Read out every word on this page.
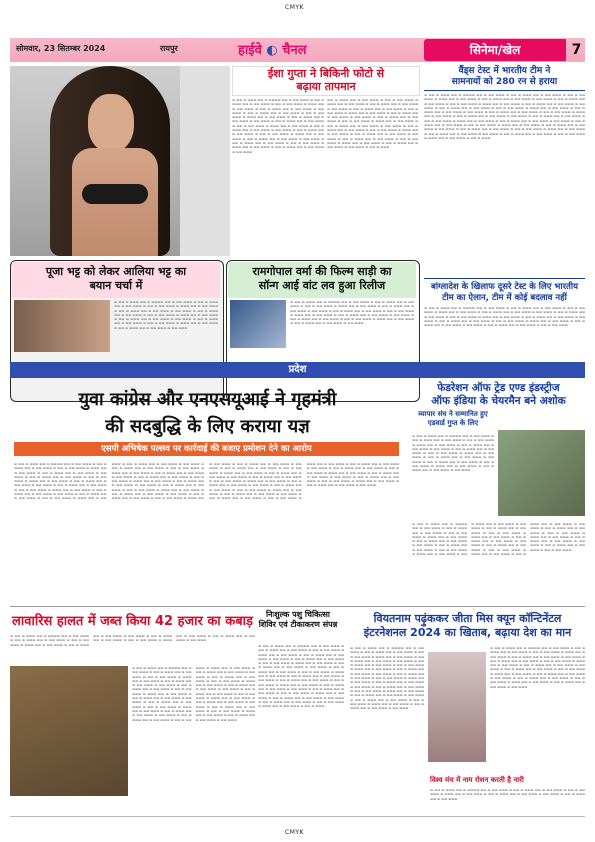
CMYK
CMYK
सोमवार, 23 सितम्बर 2024	रायपुर	हाईवे ◐ चैनल	सिनेमा/खेल	7
ईशा गुप्ता ने बिकिनी फोटो से
बढ़ाया तापमान

▬ ▬▬ ▬ ▬▬▬ ▬▬ ▬ ▬▬▬▬ ▬▬ ▬ ▬▬ ▬▬▬ ▬ ▬▬ ▬ ▬▬▬ ▬▬ ▬ ▬▬ ▬▬▬ ▬ ▬▬ ▬ ▬▬ ▬▬▬ ▬ ▬▬▬ ▬▬ ▬ ▬▬ ▬▬▬ ▬ ▬▬ ▬ ▬▬▬ ▬▬ ▬ ▬▬ ▬▬▬ ▬ ▬▬ ▬▬▬ ▬ ▬▬ ▬ ▬▬▬ ▬▬ ▬ ▬▬ ▬▬▬ ▬ ▬▬ ▬ ▬▬ ▬▬▬ ▬ ▬▬▬ ▬▬ ▬ ▬▬ ▬▬▬ ▬ ▬▬ ▬ ▬▬▬ ▬▬ ▬ ▬▬ ▬▬▬ ▬ ▬▬ ▬▬▬ ▬ ▬▬ ▬ ▬▬▬ ▬▬ ▬ ▬▬ ▬▬▬ ▬ ▬▬ ▬ ▬▬ ▬▬▬ ▬ ▬▬▬ ▬▬ ▬ ▬▬ ▬▬▬ ▬ ▬▬ ▬ ▬▬▬ ▬▬ ▬ ▬▬ ▬▬▬ ▬ ▬▬ ▬▬▬ ▬ ▬▬ ▬ ▬▬▬ ▬▬ ▬ ▬▬ ▬▬▬ ▬ ▬▬ ▬ ▬▬ ▬▬▬ ▬ ▬▬▬ ▬▬ ▬ ▬▬ ▬▬▬ ▬ ▬▬ ▬ ▬▬▬ ▬▬ ▬ ▬▬ ▬▬▬ ▬ ▬▬ ▬▬▬ ▬ ▬▬ ▬ ▬▬▬ ▬▬ ▬ ▬▬ ▬▬▬ ▬ ▬▬ ▬ ▬▬ ▬▬▬ ▬ ▬▬▬ ▬▬ ▬ ▬▬ ▬▬▬ ▬ ▬▬ ▬ ▬▬▬ ▬▬ ▬ ▬▬ ▬▬▬ ▬ ▬▬ ▬▬▬

▬▬ ▬ ▬▬▬ ▬▬ ▬ ▬▬ ▬▬▬ ▬ ▬▬ ▬ ▬▬ ▬▬▬ ▬ ▬▬▬ ▬▬ ▬ ▬▬ ▬▬▬ ▬ ▬▬ ▬ ▬▬▬ ▬▬ ▬ ▬▬ ▬▬▬ ▬ ▬▬ ▬▬▬ ▬ ▬▬ ▬ ▬▬▬ ▬▬ ▬ ▬▬ ▬▬▬ ▬ ▬▬ ▬ ▬▬ ▬▬▬ ▬ ▬▬▬ ▬▬ ▬ ▬▬ ▬▬▬ ▬ ▬▬ ▬ ▬▬▬ ▬▬ ▬ ▬▬ ▬▬▬ ▬ ▬▬ ▬▬▬ ▬ ▬▬ ▬ ▬▬▬ ▬▬ ▬ ▬▬ ▬▬▬ ▬ ▬▬ ▬ ▬▬ ▬▬▬ ▬ ▬▬▬ ▬▬ ▬ ▬▬ ▬▬▬ ▬ ▬▬ ▬ ▬▬▬ ▬▬ ▬ ▬▬ ▬▬▬ ▬ ▬▬ ▬▬▬ ▬ ▬▬ ▬ ▬▬▬ ▬▬ ▬ ▬▬ ▬▬▬ ▬ ▬▬ ▬ ▬▬ ▬▬▬ ▬ ▬▬▬ ▬▬ ▬ ▬▬ ▬▬▬ ▬ ▬▬ ▬ ▬▬▬ ▬▬ ▬ ▬▬ ▬▬▬ ▬ ▬▬ ▬▬▬ ▬ ▬▬ ▬ ▬▬▬ ▬▬ ▬ ▬▬ ▬▬▬ ▬ ▬▬ ▬ ▬▬ ▬▬▬ ▬ ▬▬▬ ▬▬ ▬ ▬▬ ▬▬▬ ▬ ▬▬ ▬ ▬▬▬ ▬▬ ▬ ▬▬ ▬▬▬ ▬ ▬▬ ▬▬▬ ▬ ▬▬ ▬ ▬▬▬

वैंड्स टेस्ट में भारतीय टीम ने
सामनायों को 280 रन से हराया

▬ ▬▬ ▬ ▬▬▬ ▬▬ ▬ ▬▬▬▬ ▬▬ ▬ ▬▬ ▬▬▬ ▬ ▬▬ ▬ ▬▬▬ ▬▬ ▬ ▬▬ ▬▬▬ ▬ ▬▬ ▬ ▬▬ ▬▬▬ ▬ ▬▬▬ ▬▬ ▬ ▬▬ ▬▬▬ ▬ ▬▬ ▬ ▬▬▬ ▬▬ ▬ ▬▬ ▬▬▬ ▬ ▬▬ ▬▬▬ ▬ ▬▬ ▬ ▬▬▬ ▬▬ ▬ ▬▬ ▬▬▬ ▬ ▬▬ ▬ ▬▬ ▬▬▬ ▬ ▬▬▬ ▬▬ ▬ ▬▬ ▬▬▬ ▬ ▬▬ ▬ ▬▬▬ ▬▬ ▬ ▬▬ ▬▬▬ ▬ ▬▬ ▬▬▬ ▬ ▬▬ ▬ ▬▬▬ ▬▬ ▬ ▬▬ ▬▬▬ ▬ ▬▬ ▬ ▬▬ ▬▬▬ ▬ ▬▬▬ ▬▬ ▬ ▬▬ ▬▬▬ ▬ ▬▬ ▬ ▬▬▬ ▬▬ ▬ ▬▬ ▬▬▬ ▬ ▬▬ ▬▬▬ ▬ ▬▬ ▬ ▬▬▬ ▬▬ ▬ ▬▬ ▬▬▬ ▬ ▬▬ ▬ ▬▬ ▬▬▬ ▬ ▬▬▬ ▬▬ ▬ ▬▬ ▬▬▬ ▬ ▬▬ ▬ ▬▬▬ ▬▬ ▬ ▬▬ ▬▬▬ ▬ ▬▬ ▬▬▬ ▬ ▬▬ ▬ ▬▬▬ ▬▬ ▬ ▬▬ ▬▬▬ ▬ ▬▬ ▬ ▬▬ ▬▬▬ ▬ ▬▬▬ ▬▬ ▬ ▬▬ ▬▬▬ ▬ ▬▬ ▬ ▬▬▬ ▬▬ ▬ ▬▬ ▬▬▬ ▬ ▬▬ ▬▬▬ ▬ ▬▬ ▬ ▬▬▬ ▬▬ ▬ ▬▬ ▬▬▬ ▬ ▬▬ ▬ ▬▬ ▬▬▬ ▬ ▬▬▬ ▬▬ ▬ ▬▬ ▬▬▬ ▬ ▬▬ ▬ ▬▬▬ ▬▬ ▬ ▬▬ ▬▬▬ ▬ ▬▬ ▬▬▬ ▬ ▬▬ ▬ ▬▬▬ ▬▬ ▬ ▬▬ ▬▬▬ ▬ ▬▬ ▬ ▬▬ ▬▬▬ ▬ ▬▬▬ ▬▬ ▬ ▬▬ ▬▬▬ ▬ ▬▬ ▬ ▬▬▬ ▬▬ ▬ ▬▬ ▬▬▬ ▬ ▬▬ ▬▬▬ ▬ ▬▬ ▬ ▬▬▬ ▬▬ ▬ ▬▬ ▬▬▬ ▬ ▬▬ ▬ ▬▬ ▬▬▬ ▬ ▬▬▬ ▬▬ ▬ ▬▬ ▬▬▬ ▬ ▬▬ ▬ ▬▬▬

बांग्लादेश के खिलाफ दूसरे टेस्ट के लिए भारतीय टीम का ऐलान, टीम में कोई बदलाव नहीं

▬ ▬▬ ▬ ▬▬▬ ▬▬ ▬ ▬▬▬▬ ▬▬ ▬ ▬▬ ▬▬▬ ▬ ▬▬ ▬ ▬▬▬ ▬▬ ▬ ▬▬ ▬▬▬ ▬ ▬▬ ▬ ▬▬ ▬▬▬ ▬ ▬▬▬ ▬▬ ▬ ▬▬ ▬▬▬ ▬ ▬▬ ▬ ▬▬▬ ▬▬ ▬ ▬▬ ▬▬▬ ▬ ▬▬ ▬▬▬ ▬ ▬▬ ▬ ▬▬▬ ▬▬ ▬ ▬▬ ▬▬▬ ▬ ▬▬ ▬ ▬▬ ▬▬▬ ▬ ▬▬▬ ▬▬ ▬ ▬▬ ▬▬▬ ▬ ▬▬ ▬ ▬▬▬ ▬▬ ▬ ▬▬ ▬▬▬ ▬ ▬▬ ▬▬▬ ▬ ▬▬ ▬ ▬▬▬ ▬▬ ▬ ▬▬ ▬▬▬ ▬ ▬▬ ▬ ▬▬ ▬▬▬ ▬ ▬▬▬ ▬▬ ▬ ▬▬ ▬▬▬ ▬ ▬▬ ▬ ▬▬▬ ▬▬ ▬ ▬▬ ▬▬▬ ▬ ▬▬ ▬▬▬ ▬ ▬▬ ▬ ▬▬▬ ▬▬ ▬ ▬▬ ▬▬▬ ▬ ▬▬ ▬ ▬▬ ▬▬▬

पूजा भट्ट को लेकर आलिया भट्ट का
बयान चर्चा में

▬ ▬▬ ▬ ▬▬▬ ▬▬ ▬ ▬▬▬▬ ▬▬ ▬ ▬▬ ▬▬▬ ▬ ▬▬ ▬ ▬▬▬ ▬▬ ▬ ▬▬ ▬▬▬ ▬ ▬▬ ▬ ▬▬ ▬▬▬ ▬ ▬▬▬ ▬▬ ▬ ▬▬ ▬▬▬ ▬ ▬▬ ▬ ▬▬▬ ▬▬ ▬ ▬▬ ▬▬▬ ▬ ▬▬ ▬▬▬ ▬ ▬▬ ▬ ▬▬▬ ▬▬ ▬ ▬▬ ▬▬▬ ▬ ▬▬ ▬ ▬▬ ▬▬▬ ▬ ▬▬▬ ▬▬ ▬ ▬▬ ▬▬▬ ▬ ▬▬ ▬ ▬▬▬ ▬▬ ▬ ▬▬ ▬▬▬ ▬ ▬▬ ▬▬▬ ▬ ▬▬ ▬ ▬▬▬ ▬▬ ▬ ▬▬ ▬▬▬ ▬ ▬▬ ▬ ▬▬ ▬▬▬ ▬ ▬▬▬ ▬▬ ▬ ▬▬ ▬▬▬ ▬ ▬▬ ▬ ▬▬▬ ▬▬ ▬ ▬▬ ▬▬▬ ▬ ▬▬ ▬▬▬

रामगोपाल वर्मा की फिल्म साड़ी का
सॉन्ग आई वांट लव हुआ रिलीज

▬ ▬▬ ▬ ▬▬▬ ▬▬ ▬ ▬▬▬▬ ▬▬ ▬ ▬▬ ▬▬▬ ▬ ▬▬ ▬ ▬▬▬ ▬▬ ▬ ▬▬ ▬▬▬ ▬ ▬▬ ▬ ▬▬ ▬▬▬ ▬ ▬▬▬ ▬▬ ▬ ▬▬ ▬▬▬ ▬ ▬▬ ▬ ▬▬▬ ▬▬ ▬ ▬▬ ▬▬▬ ▬ ▬▬ ▬▬▬ ▬ ▬▬ ▬ ▬▬▬ ▬▬ ▬ ▬▬ ▬▬▬ ▬ ▬▬ ▬ ▬▬ ▬▬▬ ▬ ▬▬▬ ▬▬ ▬ ▬▬ ▬▬▬ ▬ ▬▬ ▬ ▬▬▬ ▬▬ ▬ ▬▬ ▬▬▬ ▬ ▬▬ ▬▬▬ ▬ ▬▬ ▬ ▬▬▬ ▬▬ ▬ ▬▬ ▬▬▬ ▬ ▬▬ ▬ ▬▬ ▬▬▬ ▬ ▬▬▬ ▬▬ ▬ ▬▬ ▬▬▬ ▬ ▬▬ ▬ ▬▬▬ ▬▬ ▬ ▬▬ ▬▬▬ ▬ ▬▬ ▬▬▬

प्रदेश
युवा कांग्रेस और एनएसयूआई ने गृहमंत्री
की सदबुद्धि के लिए कराया यज्ञ
एसपी अभिषेक पल्लव पर कार्रवाई की बजाए प्रमोशन देने का आरोप

▬ ▬▬ ▬ ▬▬▬ ▬▬ ▬ ▬▬▬▬ ▬▬ ▬ ▬▬ ▬▬▬ ▬ ▬▬ ▬ ▬▬▬ ▬▬ ▬ ▬▬ ▬▬▬ ▬ ▬▬ ▬ ▬▬ ▬▬▬ ▬ ▬▬▬ ▬▬ ▬ ▬▬ ▬▬▬ ▬ ▬▬ ▬ ▬▬▬ ▬▬ ▬ ▬▬ ▬▬▬ ▬ ▬▬ ▬▬▬ ▬ ▬▬ ▬ ▬▬▬ ▬▬ ▬ ▬▬ ▬▬▬ ▬ ▬▬ ▬ ▬▬ ▬▬▬ ▬ ▬▬▬ ▬▬ ▬ ▬▬ ▬▬▬ ▬ ▬▬ ▬ ▬▬▬ ▬▬ ▬ ▬▬ ▬▬▬ ▬ ▬▬ ▬▬▬ ▬ ▬▬ ▬ ▬▬▬ ▬▬ ▬ ▬▬ ▬▬▬ ▬ ▬▬ ▬ ▬▬ ▬▬▬ ▬ ▬▬▬ ▬▬ ▬ ▬▬ ▬▬▬ ▬ ▬▬ ▬ ▬▬▬ ▬▬ ▬ ▬▬ ▬▬▬ ▬ ▬▬ ▬▬▬ ▬ ▬▬ ▬ ▬▬▬ ▬▬ ▬ ▬▬ ▬▬▬ ▬ ▬▬ ▬ ▬▬ ▬▬▬ ▬ ▬▬▬ ▬▬ ▬ ▬▬ ▬▬▬ ▬ ▬▬ ▬ ▬▬▬ ▬▬ ▬ ▬▬ ▬▬▬ ▬ ▬▬ ▬▬▬ ▬ ▬▬ ▬ ▬▬▬ ▬▬ ▬ ▬▬ ▬▬▬ ▬ ▬▬ ▬ ▬▬ ▬▬▬ ▬ ▬▬▬ ▬▬ ▬ ▬▬ ▬▬▬ ▬ ▬▬ ▬ ▬▬▬ ▬▬ ▬ ▬▬ ▬▬▬ ▬ ▬▬ ▬▬▬ ▬ ▬▬ ▬ ▬▬▬ ▬▬ ▬ ▬▬ ▬▬▬ ▬ ▬▬ ▬ ▬▬ ▬▬▬ ▬ ▬▬▬ ▬▬ ▬ ▬▬ ▬▬▬ ▬ ▬▬ ▬ ▬▬▬ ▬▬ ▬ ▬▬ ▬▬▬ ▬ ▬▬ ▬▬▬ ▬ ▬▬ ▬ ▬▬▬ ▬▬ ▬ ▬▬ ▬▬▬ ▬ ▬▬ ▬ ▬▬ ▬▬▬ ▬ ▬▬▬ ▬▬ ▬ ▬▬ ▬▬▬ ▬ ▬▬ ▬ ▬▬▬ ▬▬ ▬ ▬▬ ▬▬▬ ▬ ▬▬ ▬▬▬ ▬ ▬▬ ▬ ▬▬▬ ▬▬ ▬ ▬▬ ▬▬▬ ▬ ▬▬ ▬ ▬▬ ▬▬▬ ▬ ▬▬▬ ▬▬ ▬ ▬▬ ▬▬▬ ▬ ▬▬ ▬ ▬▬▬ ▬▬ ▬ ▬▬ ▬▬▬ ▬ ▬▬ ▬▬▬ ▬ ▬▬ ▬ ▬▬▬ ▬▬ ▬ ▬▬ ▬▬▬ ▬ ▬▬ ▬ ▬▬ ▬▬▬ ▬ ▬▬▬ ▬▬ ▬ ▬▬ ▬▬▬ ▬ ▬▬ ▬ ▬▬▬ ▬▬ ▬ ▬▬ ▬▬▬ ▬ ▬▬ ▬▬▬ ▬ ▬▬ ▬ ▬▬▬ ▬▬ ▬ ▬▬ ▬▬▬ ▬ ▬▬ ▬ ▬▬ ▬▬▬ ▬ ▬▬▬ ▬▬ ▬ ▬▬ ▬▬▬ ▬ ▬▬ ▬ ▬▬▬ ▬▬ ▬ ▬▬ ▬▬▬ ▬ ▬▬ ▬▬▬ ▬ ▬▬ ▬ ▬▬▬ ▬▬ ▬ ▬▬ ▬▬▬ ▬ ▬▬ ▬ ▬▬ ▬▬▬ ▬ ▬▬▬ ▬▬ ▬ ▬▬ ▬▬▬ ▬ ▬▬ ▬ ▬▬▬ ▬▬ ▬ ▬▬ ▬▬▬ ▬ ▬▬ ▬▬▬ ▬ ▬▬ ▬ ▬▬▬ ▬▬ ▬ ▬▬ ▬▬▬ ▬ ▬▬ ▬ ▬▬ ▬▬▬ ▬ ▬▬▬ ▬▬ ▬ ▬▬ ▬▬▬ ▬ ▬▬ ▬ ▬▬▬ ▬▬ ▬ ▬▬ ▬▬▬ ▬ ▬▬ ▬▬▬ ▬ ▬▬ ▬ ▬▬▬ ▬▬ ▬ ▬▬ ▬▬▬ ▬ ▬▬ ▬ ▬▬ ▬▬▬ ▬ ▬▬▬ ▬▬ ▬ ▬▬ ▬▬▬ ▬ ▬▬ ▬ ▬▬▬ ▬▬ ▬ ▬▬ ▬▬▬ ▬ ▬▬ ▬▬▬ ▬ ▬▬ ▬ ▬▬▬ ▬▬ ▬ ▬▬ ▬▬▬ ▬ ▬▬ ▬ ▬▬ ▬▬▬ ▬ ▬▬▬ ▬▬ ▬ ▬▬ ▬▬▬ ▬ ▬▬ ▬ ▬▬▬ ▬▬ ▬ ▬▬ ▬▬▬ ▬ ▬▬ ▬▬▬

फेडरेशन ऑफ ट्रेड एण्ड इंडस्ट्रीज
ऑफ इंडिया के चेयरमैन बने अशोक
व्यापार संघ ने सम्मानित हुए एडवार्ड गुप्त के लिए

▬ ▬▬ ▬ ▬▬▬ ▬▬ ▬ ▬▬▬▬ ▬▬ ▬ ▬▬ ▬▬▬ ▬ ▬▬ ▬ ▬▬▬ ▬▬ ▬ ▬▬ ▬▬▬ ▬ ▬▬ ▬ ▬▬ ▬▬▬ ▬ ▬▬▬ ▬▬ ▬ ▬▬ ▬▬▬ ▬ ▬▬ ▬ ▬▬▬ ▬▬ ▬ ▬▬ ▬▬▬ ▬ ▬▬ ▬▬▬ ▬ ▬▬ ▬ ▬▬▬ ▬▬ ▬ ▬▬ ▬▬▬ ▬ ▬▬ ▬ ▬▬ ▬▬▬ ▬ ▬▬▬ ▬▬ ▬ ▬▬ ▬▬▬ ▬ ▬▬ ▬ ▬▬▬ ▬▬ ▬ ▬▬ ▬▬▬ ▬ ▬▬ ▬▬▬ ▬ ▬▬ ▬ ▬▬▬ ▬▬ ▬ ▬▬ ▬▬▬ ▬ ▬▬ ▬ ▬▬ ▬▬▬ ▬ ▬▬▬ ▬▬ ▬ ▬▬ ▬▬▬ ▬ ▬▬ ▬ ▬▬▬ ▬▬ ▬ ▬▬ ▬▬▬ ▬ ▬▬ ▬▬▬

▬ ▬▬ ▬ ▬▬▬ ▬▬ ▬ ▬▬▬▬ ▬▬ ▬ ▬▬ ▬▬▬ ▬ ▬▬ ▬ ▬▬▬ ▬▬ ▬ ▬▬ ▬▬▬ ▬ ▬▬ ▬ ▬▬ ▬▬▬ ▬ ▬▬▬ ▬▬ ▬ ▬▬ ▬▬▬ ▬ ▬▬ ▬ ▬▬▬ ▬▬ ▬ ▬▬ ▬▬▬ ▬ ▬▬ ▬▬▬ ▬ ▬▬ ▬ ▬▬▬ ▬▬ ▬ ▬▬ ▬▬▬ ▬ ▬▬ ▬ ▬▬ ▬▬▬ ▬ ▬▬▬ ▬▬ ▬ ▬▬ ▬▬▬ ▬ ▬▬ ▬ ▬▬▬ ▬▬ ▬ ▬▬ ▬▬▬ ▬ ▬▬ ▬▬▬ ▬ ▬▬ ▬ ▬▬▬ ▬▬ ▬ ▬▬ ▬▬▬ ▬ ▬▬ ▬ ▬▬ ▬▬▬ ▬ ▬▬▬ ▬▬ ▬ ▬▬ ▬▬▬ ▬ ▬▬ ▬ ▬▬▬ ▬▬ ▬ ▬▬ ▬▬▬ ▬ ▬▬ ▬▬▬ ▬ ▬▬ ▬ ▬▬▬ ▬▬ ▬ ▬▬ ▬▬▬ ▬ ▬▬ ▬ ▬▬ ▬▬▬ ▬ ▬▬▬ ▬▬ ▬ ▬▬ ▬▬▬ ▬ ▬▬ ▬ ▬▬▬ ▬▬ ▬ ▬▬ ▬▬▬ ▬ ▬▬ ▬▬▬ ▬ ▬▬ ▬ ▬▬▬ ▬▬ ▬ ▬▬ ▬▬▬ ▬ ▬▬ ▬ ▬▬ ▬▬▬ ▬ ▬▬▬ ▬▬ ▬ ▬▬ ▬▬▬ ▬ ▬▬ ▬ ▬▬▬ ▬▬ ▬ ▬▬ ▬▬▬ ▬ ▬▬ ▬▬▬ ▬ ▬▬ ▬ ▬▬▬ ▬▬ ▬ ▬▬ ▬▬▬ ▬ ▬▬ ▬ ▬▬ ▬▬▬

लावारिस हालत में जब्त किया 42 हजार का कबाड़

▬ ▬▬ ▬ ▬▬▬ ▬▬ ▬ ▬▬▬▬ ▬▬ ▬ ▬▬ ▬▬▬ ▬ ▬▬ ▬ ▬▬▬ ▬▬ ▬ ▬▬ ▬▬▬ ▬ ▬▬ ▬ ▬▬ ▬▬▬ ▬ ▬▬▬ ▬▬ ▬ ▬▬ ▬▬▬ ▬ ▬▬ ▬ ▬▬▬ ▬▬ ▬ ▬▬ ▬▬▬ ▬ ▬▬ ▬▬▬ ▬ ▬▬ ▬ ▬▬▬ ▬▬ ▬ ▬▬ ▬▬▬ ▬ ▬▬ ▬ ▬▬ ▬▬▬ ▬ ▬▬▬ ▬▬ ▬ ▬▬ ▬▬▬ ▬ ▬▬ ▬ ▬▬▬ ▬▬ ▬ ▬▬ ▬▬▬ ▬ ▬▬ ▬▬▬

▬ ▬▬ ▬ ▬▬▬ ▬▬ ▬ ▬▬▬▬ ▬▬ ▬ ▬▬ ▬▬▬ ▬ ▬▬ ▬ ▬▬▬ ▬▬ ▬ ▬▬ ▬▬▬ ▬ ▬▬ ▬ ▬▬ ▬▬▬ ▬ ▬▬▬ ▬▬ ▬ ▬▬ ▬▬▬ ▬ ▬▬ ▬ ▬▬▬ ▬▬ ▬ ▬▬ ▬▬▬ ▬ ▬▬ ▬▬▬ ▬ ▬▬ ▬ ▬▬▬ ▬▬ ▬ ▬▬ ▬▬▬ ▬ ▬▬ ▬ ▬▬ ▬▬▬ ▬ ▬▬▬ ▬▬ ▬ ▬▬ ▬▬▬ ▬ ▬▬ ▬ ▬▬▬ ▬▬ ▬ ▬▬ ▬▬▬ ▬ ▬▬ ▬▬▬ ▬ ▬▬ ▬ ▬▬▬ ▬▬ ▬ ▬▬ ▬▬▬ ▬ ▬▬ ▬ ▬▬ ▬▬▬ ▬ ▬▬▬ ▬▬ ▬ ▬▬ ▬▬▬ ▬ ▬▬ ▬ ▬▬▬ ▬▬ ▬ ▬▬ ▬▬▬ ▬ ▬▬ ▬▬▬ ▬ ▬▬ ▬ ▬▬▬ ▬▬ ▬ ▬▬ ▬▬▬ ▬ ▬▬ ▬ ▬▬ ▬▬▬ ▬ ▬▬▬ ▬▬ ▬ ▬▬ ▬▬▬ ▬ ▬▬ ▬ ▬▬▬ ▬▬ ▬ ▬▬ ▬▬▬ ▬ ▬▬ ▬▬▬ ▬ ▬▬ ▬ ▬▬▬ ▬▬ ▬ ▬▬ ▬▬▬ ▬ ▬▬ ▬ ▬▬ ▬▬▬ ▬ ▬▬▬ ▬▬ ▬ ▬▬ ▬▬▬ ▬ ▬▬ ▬ ▬▬▬ ▬▬ ▬ ▬▬ ▬▬▬ ▬ ▬▬ ▬▬▬ ▬ ▬▬ ▬ ▬▬▬ ▬▬ ▬ ▬▬ ▬▬▬ ▬ ▬▬ ▬ ▬▬ ▬▬▬ ▬ ▬▬▬ ▬▬ ▬ ▬▬ ▬▬▬ ▬ ▬▬ ▬ ▬▬▬ ▬▬ ▬ ▬▬ ▬▬▬ ▬ ▬▬ ▬▬▬ ▬ ▬▬ ▬ ▬▬▬ ▬▬ ▬ ▬▬ ▬▬▬ ▬ ▬▬ ▬ ▬▬ ▬▬▬ ▬ ▬▬▬ ▬▬ ▬ ▬▬ ▬▬▬ ▬ ▬▬ ▬ ▬▬▬ ▬▬ ▬ ▬▬ ▬▬▬ ▬ ▬▬ ▬▬▬

निःशुल्क पशु चिकित्सा शिविर एवं टीकाकरण संपन्न

▬ ▬▬ ▬ ▬▬▬ ▬▬ ▬ ▬▬▬▬ ▬▬ ▬ ▬▬ ▬▬▬ ▬ ▬▬ ▬ ▬▬▬ ▬▬ ▬ ▬▬ ▬▬▬ ▬ ▬▬ ▬ ▬▬ ▬▬▬ ▬ ▬▬▬ ▬▬ ▬ ▬▬ ▬▬▬ ▬ ▬▬ ▬ ▬▬▬ ▬▬ ▬ ▬▬ ▬▬▬ ▬ ▬▬ ▬▬▬ ▬ ▬▬ ▬ ▬▬▬ ▬▬ ▬ ▬▬ ▬▬▬ ▬ ▬▬ ▬ ▬▬ ▬▬▬ ▬ ▬▬▬ ▬▬ ▬ ▬▬ ▬▬▬ ▬ ▬▬ ▬ ▬▬▬ ▬▬ ▬ ▬▬ ▬▬▬ ▬ ▬▬ ▬▬▬ ▬ ▬▬ ▬ ▬▬▬ ▬▬ ▬ ▬▬ ▬▬▬ ▬ ▬▬ ▬ ▬▬ ▬▬▬ ▬ ▬▬▬ ▬▬ ▬ ▬▬ ▬▬▬ ▬ ▬▬ ▬ ▬▬▬ ▬▬ ▬ ▬▬ ▬▬▬ ▬ ▬▬ ▬▬▬ ▬ ▬▬ ▬ ▬▬▬ ▬▬ ▬ ▬▬ ▬▬▬ ▬ ▬▬ ▬ ▬▬ ▬▬▬ ▬ ▬▬▬ ▬▬ ▬ ▬▬ ▬▬▬ ▬ ▬▬ ▬ ▬▬▬ ▬▬ ▬ ▬▬ ▬▬▬ ▬ ▬▬ ▬▬▬ ▬ ▬▬ ▬ ▬▬▬ ▬▬ ▬ ▬▬ ▬▬▬ ▬ ▬▬ ▬ ▬▬ ▬▬▬ ▬ ▬▬▬ ▬▬ ▬ ▬▬ ▬▬▬ ▬ ▬▬ ▬ ▬▬▬ ▬▬ ▬ ▬▬ ▬▬▬ ▬ ▬▬ ▬▬▬ ▬ ▬▬ ▬ ▬▬▬ ▬▬ ▬ ▬▬ ▬▬▬ ▬ ▬▬ ▬ ▬▬ ▬▬▬ ▬ ▬▬▬ ▬▬ ▬ ▬▬ ▬▬▬ ▬ ▬▬ ▬ ▬▬▬

वियतनाम पढ़ुंककर जीता मिस क्यून कॉन्टिनेंटल
इंटरनेशनल 2024 का खिताब, बढ़ाया देश का मान

▬ ▬▬ ▬ ▬▬▬ ▬▬ ▬ ▬▬▬▬ ▬▬ ▬ ▬▬ ▬▬▬ ▬ ▬▬ ▬ ▬▬▬ ▬▬ ▬ ▬▬ ▬▬▬ ▬ ▬▬ ▬ ▬▬ ▬▬▬ ▬ ▬▬▬ ▬▬ ▬ ▬▬ ▬▬▬ ▬ ▬▬ ▬ ▬▬▬ ▬▬ ▬ ▬▬ ▬▬▬ ▬ ▬▬ ▬▬▬ ▬ ▬▬ ▬ ▬▬▬ ▬▬ ▬ ▬▬ ▬▬▬ ▬ ▬▬ ▬ ▬▬ ▬▬▬ ▬ ▬▬▬ ▬▬ ▬ ▬▬ ▬▬▬ ▬ ▬▬ ▬ ▬▬▬ ▬▬ ▬ ▬▬ ▬▬▬ ▬ ▬▬ ▬▬▬ ▬ ▬▬ ▬ ▬▬▬ ▬▬ ▬ ▬▬ ▬▬▬ ▬ ▬▬ ▬ ▬▬ ▬▬▬ ▬ ▬▬▬ ▬▬ ▬ ▬▬ ▬▬▬ ▬ ▬▬ ▬ ▬▬▬ ▬▬ ▬ ▬▬ ▬▬▬ ▬ ▬▬ ▬▬▬ ▬ ▬▬ ▬ ▬▬▬ ▬▬ ▬ ▬▬ ▬▬▬ ▬ ▬▬ ▬ ▬▬ ▬▬▬ ▬ ▬▬▬ ▬▬ ▬ ▬▬ ▬▬▬ ▬ ▬▬ ▬ ▬▬▬ ▬▬ ▬ ▬▬ ▬▬▬ ▬ ▬▬ ▬▬▬ ▬ ▬▬ ▬ ▬▬▬ ▬▬ ▬ ▬▬ ▬▬▬ ▬ ▬▬ ▬ ▬▬ ▬▬▬ ▬ ▬▬▬ ▬▬ ▬ ▬▬ ▬▬▬ ▬ ▬▬ ▬ ▬▬▬ ▬▬ ▬ ▬▬ ▬▬▬ ▬ ▬▬ ▬▬▬

▬ ▬▬ ▬ ▬▬▬ ▬▬ ▬ ▬▬▬▬ ▬▬ ▬ ▬▬ ▬▬▬ ▬ ▬▬ ▬ ▬▬▬ ▬▬ ▬ ▬▬ ▬▬▬ ▬ ▬▬ ▬ ▬▬ ▬▬▬ ▬ ▬▬▬ ▬▬ ▬ ▬▬ ▬▬▬ ▬ ▬▬ ▬ ▬▬▬ ▬▬ ▬ ▬▬ ▬▬▬ ▬ ▬▬ ▬▬▬ ▬ ▬▬ ▬ ▬▬▬ ▬▬ ▬ ▬▬ ▬▬▬ ▬ ▬▬ ▬ ▬▬ ▬▬▬ ▬ ▬▬▬ ▬▬ ▬ ▬▬ ▬▬▬ ▬ ▬▬ ▬ ▬▬▬ ▬▬ ▬ ▬▬ ▬▬▬ ▬ ▬▬ ▬▬▬ ▬ ▬▬ ▬ ▬▬▬ ▬▬ ▬ ▬▬ ▬▬▬ ▬ ▬▬ ▬ ▬▬ ▬▬▬ ▬ ▬▬▬ ▬▬ ▬ ▬▬ ▬▬▬ ▬ ▬▬ ▬ ▬▬▬ ▬▬ ▬ ▬▬ ▬▬▬ ▬ ▬▬ ▬▬▬ ▬ ▬▬ ▬ ▬▬▬ ▬▬ ▬ ▬▬ ▬▬▬ ▬ ▬▬ ▬ ▬▬ ▬▬▬ ▬ ▬▬▬ ▬▬ ▬ ▬▬ ▬▬▬ ▬ ▬▬ ▬ ▬▬▬ ▬▬ ▬ ▬▬ ▬▬▬ ▬ ▬▬ ▬▬▬

विश्व मंच में नाम रोशन करती है नारी

▬ ▬▬ ▬ ▬▬▬ ▬▬ ▬ ▬▬▬▬ ▬▬ ▬ ▬▬ ▬▬▬ ▬ ▬▬ ▬ ▬▬▬ ▬▬ ▬ ▬▬ ▬▬▬ ▬ ▬▬ ▬ ▬▬ ▬▬▬ ▬ ▬▬▬ ▬▬ ▬ ▬▬ ▬▬▬ ▬ ▬▬ ▬ ▬▬▬ ▬▬ ▬ ▬▬ ▬▬▬ ▬ ▬▬ ▬▬▬ ▬ ▬▬ ▬ ▬▬▬ ▬▬ ▬ ▬▬ ▬▬▬
